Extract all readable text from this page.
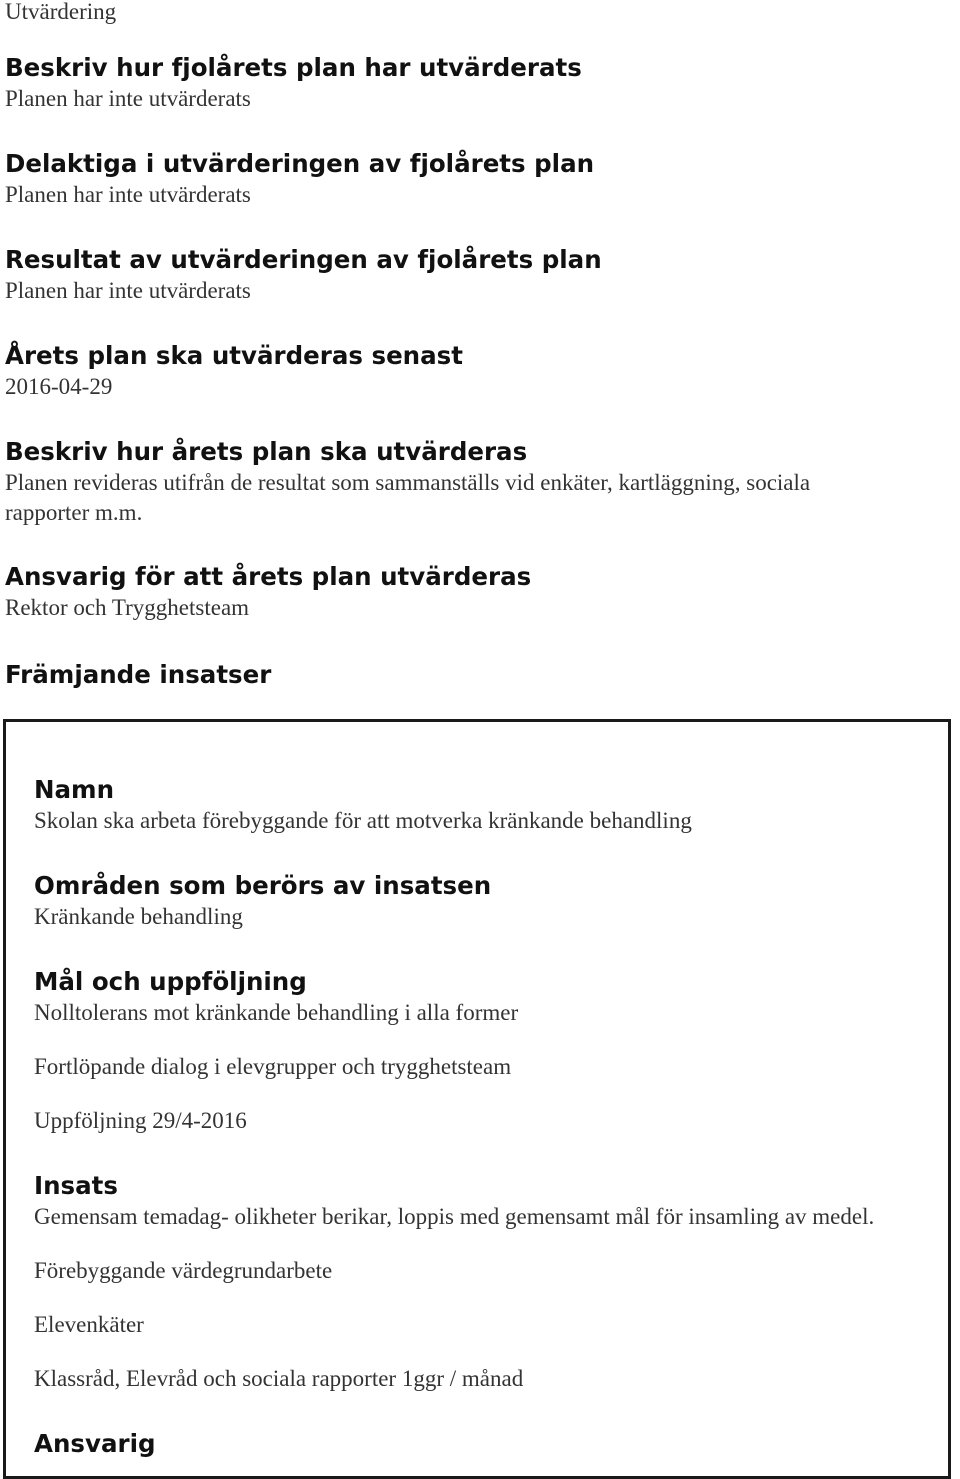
Utvärdering
Beskriv hur fjolårets plan har utvärderats
Planen har inte utvärderats
Delaktiga i utvärderingen av fjolårets plan
Planen har inte utvärderats
Resultat av utvärderingen av fjolårets plan
Planen har inte utvärderats
Årets plan ska utvärderas senast
2016-04-29
Beskriv hur årets plan ska utvärderas
Planen revideras utifrån de resultat som sammanställs vid enkäter, kartläggning, sociala rapporter m.m.
Ansvarig för att årets plan utvärderas
Rektor och Trygghetsteam
Främjande insatser
Namn
Skolan ska arbeta förebyggande för att motverka kränkande behandling
Områden som berörs av insatsen
Kränkande behandling
Mål och uppföljning
Nolltolerans mot kränkande behandling i alla former
Fortlöpande dialog i elevgrupper och trygghetsteam
Uppföljning 29/4-2016
Insats
Gemensam temadag- olikheter berikar, loppis med gemensamt mål för insamling av medel.
Förebyggande värdegrundarbete
Elevenkäter
Klassråd, Elevråd och sociala rapporter 1ggr / månad
Ansvarig
